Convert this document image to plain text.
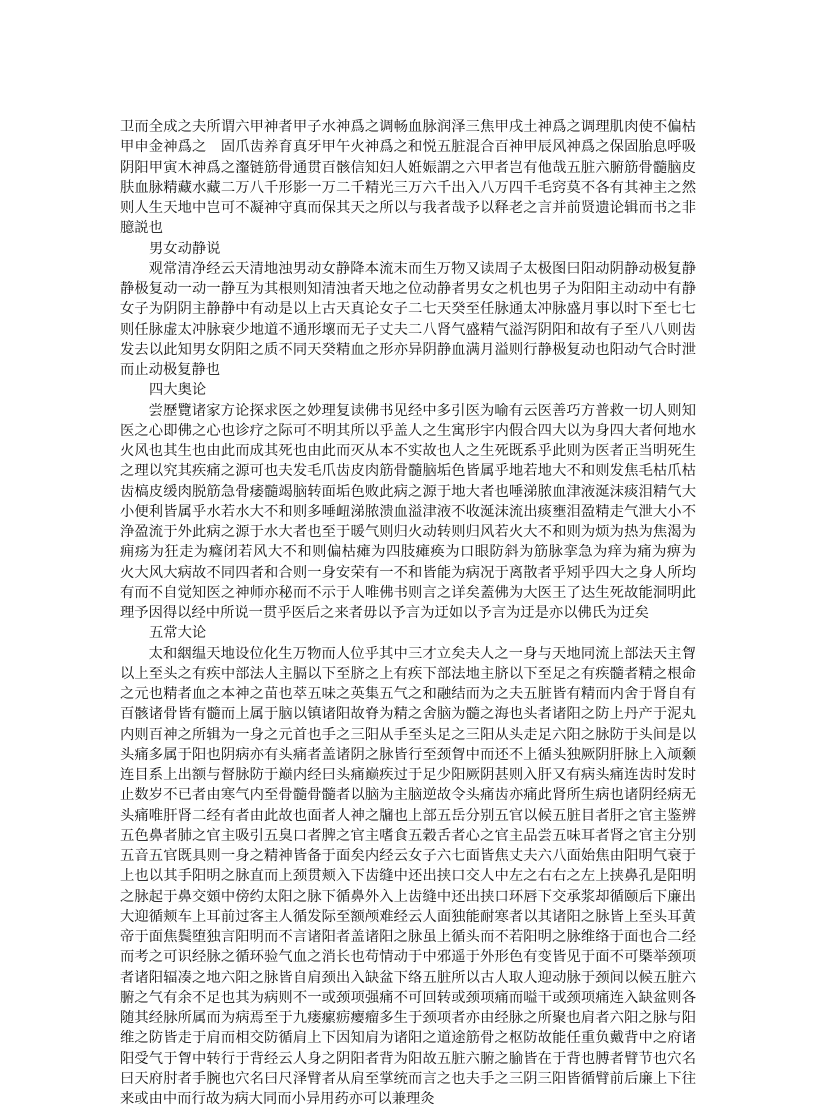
卫而全成之夫所谓六甲神者甲子水神爲之调畅血脉润泽三焦甲戌土神爲之调理肌肉使不偏枯甲申金神爲之　固爪齿养育真牙甲午火神爲之和悦五脏混合百神甲辰风神爲之保固胎息呼吸阴阳甲寅木神爲之瀣链筋骨通贯百骸信知妇人姙娠謂之六甲者岂有他哉五脏六腑筋骨髓脑皮肤血脉精藏水藏二万八千形影一万二千精光三万六千出入八万四千毛窍莫不各有其神主之然则人生天地中岂可不凝神守真而保其天之所以与我者哉予以释老之言并前贤遗论辑而书之非臆説也

男女动静说

观常清净经云天清地浊男动女静降本流末而生万物又读周子太极图曰阳动阴静动极复静静极复动一动一静互为其根则知清浊者天地之位动静者男女之机也男子为阳阳主动动中有静女子为阴阴主静静中有动是以上古天真论女子二七天癸至任脉通太冲脉盛月事以时下至七七则任脉虚太冲脉衰少地道不通形壞而无子丈夫二八肾气盛精气溢泻阴阳和故有子至八八则齿发去以此知男女阴阳之质不同天癸精血之形亦异阴静血满月溢则行静极复动也阳动气合时泄而止动极复静也

四大奥论

尝歷覽诸家方论探求医之妙理复读佛书见经中多引医为喻有云医善巧方普救一切人则知医之心即佛之心也诊疗之际可不明其所以乎盖人之生寓形宇内假合四大以为身四大者何地水火风也其生也由此而成其死也由此而灭从本不实故也人之生死既系乎此则为医者正当明死生之理以究其疾痛之源可也夫发毛爪齿皮肉筋骨髓脑垢色皆属乎地若地大不和则发焦毛枯爪枯齿槁皮缓肉脱筋急骨痿髓竭脑转面垢色败此病之源于地大者也唾涕脓血津液涎沫痰泪精气大小便利皆属乎水若水大不和则多唾衄涕脓溃血溢津液不收涎沫流出痰壅泪盈精走气泄大小不浄盈流于外此病之源于水大者也至于暖气则归火动转则归风若火大不和则为烦为热为焦渴为痈疡为狂走为癃闭若风大不和则偏枯瘫为四肢瘫痪为口眼防斜为筋脉挛急为痒为痛为痹为　火大风大病故不同四者和合则一身安荣有一不和皆能为病况于离散者乎矧乎四大之身人所均有而不自觉知医之神师亦秘而不示于人唯佛书则言之详矣蓋佛为大医王了达生死故能洞明此理予因得以经中所说一贯乎医后之来者毋以予言为迂如以予言为迂是亦以佛氏为迂矣

五常大论

太和絪缊天地设位化生万物而人位乎其中三才立矣夫人之一身与天地同流上部法天主胷以上至头之有疾中部法人主膈以下至脐之上有疾下部法地主脐以下至足之有疾髓者精之根命之元也精者血之本神之苗也萃五味之英集五气之和融结而为之夫五脏皆有精而内舍于肾自有百骸诸骨皆有髓而上属于脑以镇诸阳故脊为精之舍脑为髓之海也头者诸阳之防上丹产于泥丸内则百神之所辑为一身之元首也手之三阳从手至头足之三阳从头走足六阳之脉防于头间是以头痛多属于阳也阴病亦有头痛者盖诸阴之脉皆行至颈胷中而还不上循头独厥阴肝脉上入颃颡连目系上出额与督脉防于巅内经曰头痛巅疾过于足少阳厥阴甚则入肝又有病头痛连齿时发时止数岁不已者由寒气内至骨髓骨髓者以脑为主脑逆故令头痛齿亦痛此肾所生病也诸阴经病无头痛唯肝肾二经有者由此故也面者人神之牖也上部五岳分别五官以候五脏目者肝之官主鉴辨五色鼻者肺之官主吸引五臭口者脾之官主嗜食五穀舌者心之官主品尝五味耳者肾之官主分别五音五官既具则一身之精神皆备于面矣内经云女子六七面皆焦丈夫六八面始焦由阳明气衰于上也以其手阳明之脉直而上颈贯颊入下齿缝中还出挟口交人中左之右右之左上挟鼻孔是阳明之脉起于鼻交頞中傍约太阳之脉下循鼻外入上齿缝中还出挟口环唇下交承浆却循颐后下廉出大迎循颊车上耳前过客主人循发际至额颅难经云人面独能耐寒者以其诸阳之脉皆上至头耳黄帝于面焦鬓堕独言阳明而不言诸阳者盖诸阳之脉虽上循头而不若阳明之脉维络于面也合二经而考之可识经脉之循环验气血之消长也苟情动于中邪遥于外形色有变皆见于面不可槩举颈项者诸阳辐凑之地六阳之脉皆自肩颈出入缺盆下络五脏所以古人取人迎动脉于颈间以候五脏六腑之气有余不足也其为病则不一或颈项强痛不可回转或颈项痛而嗌干或颈项痛连入缺盆则各随其经脉所属而为病焉至于九瘘瘰疬瘿瘤多生于颈项者亦由经脉之所聚也肩者六阳之脉与阳维之防皆走于肩而相交防循肩上下因知肩为诸阳之道途筋骨之枢防故能任重负戴背中之府诸阳受气于胷中转行于背经云人身之阴阳者背为阳故五脏六腑之腧皆在于背也膊者臂节也穴名曰天府肘者手腕也穴名曰尺泽臂者从肩至掌统而言之也夫手之三阴三阳皆循臂前后廉上下往来或由中而行故为病大同而小异用药亦可以兼理灸
